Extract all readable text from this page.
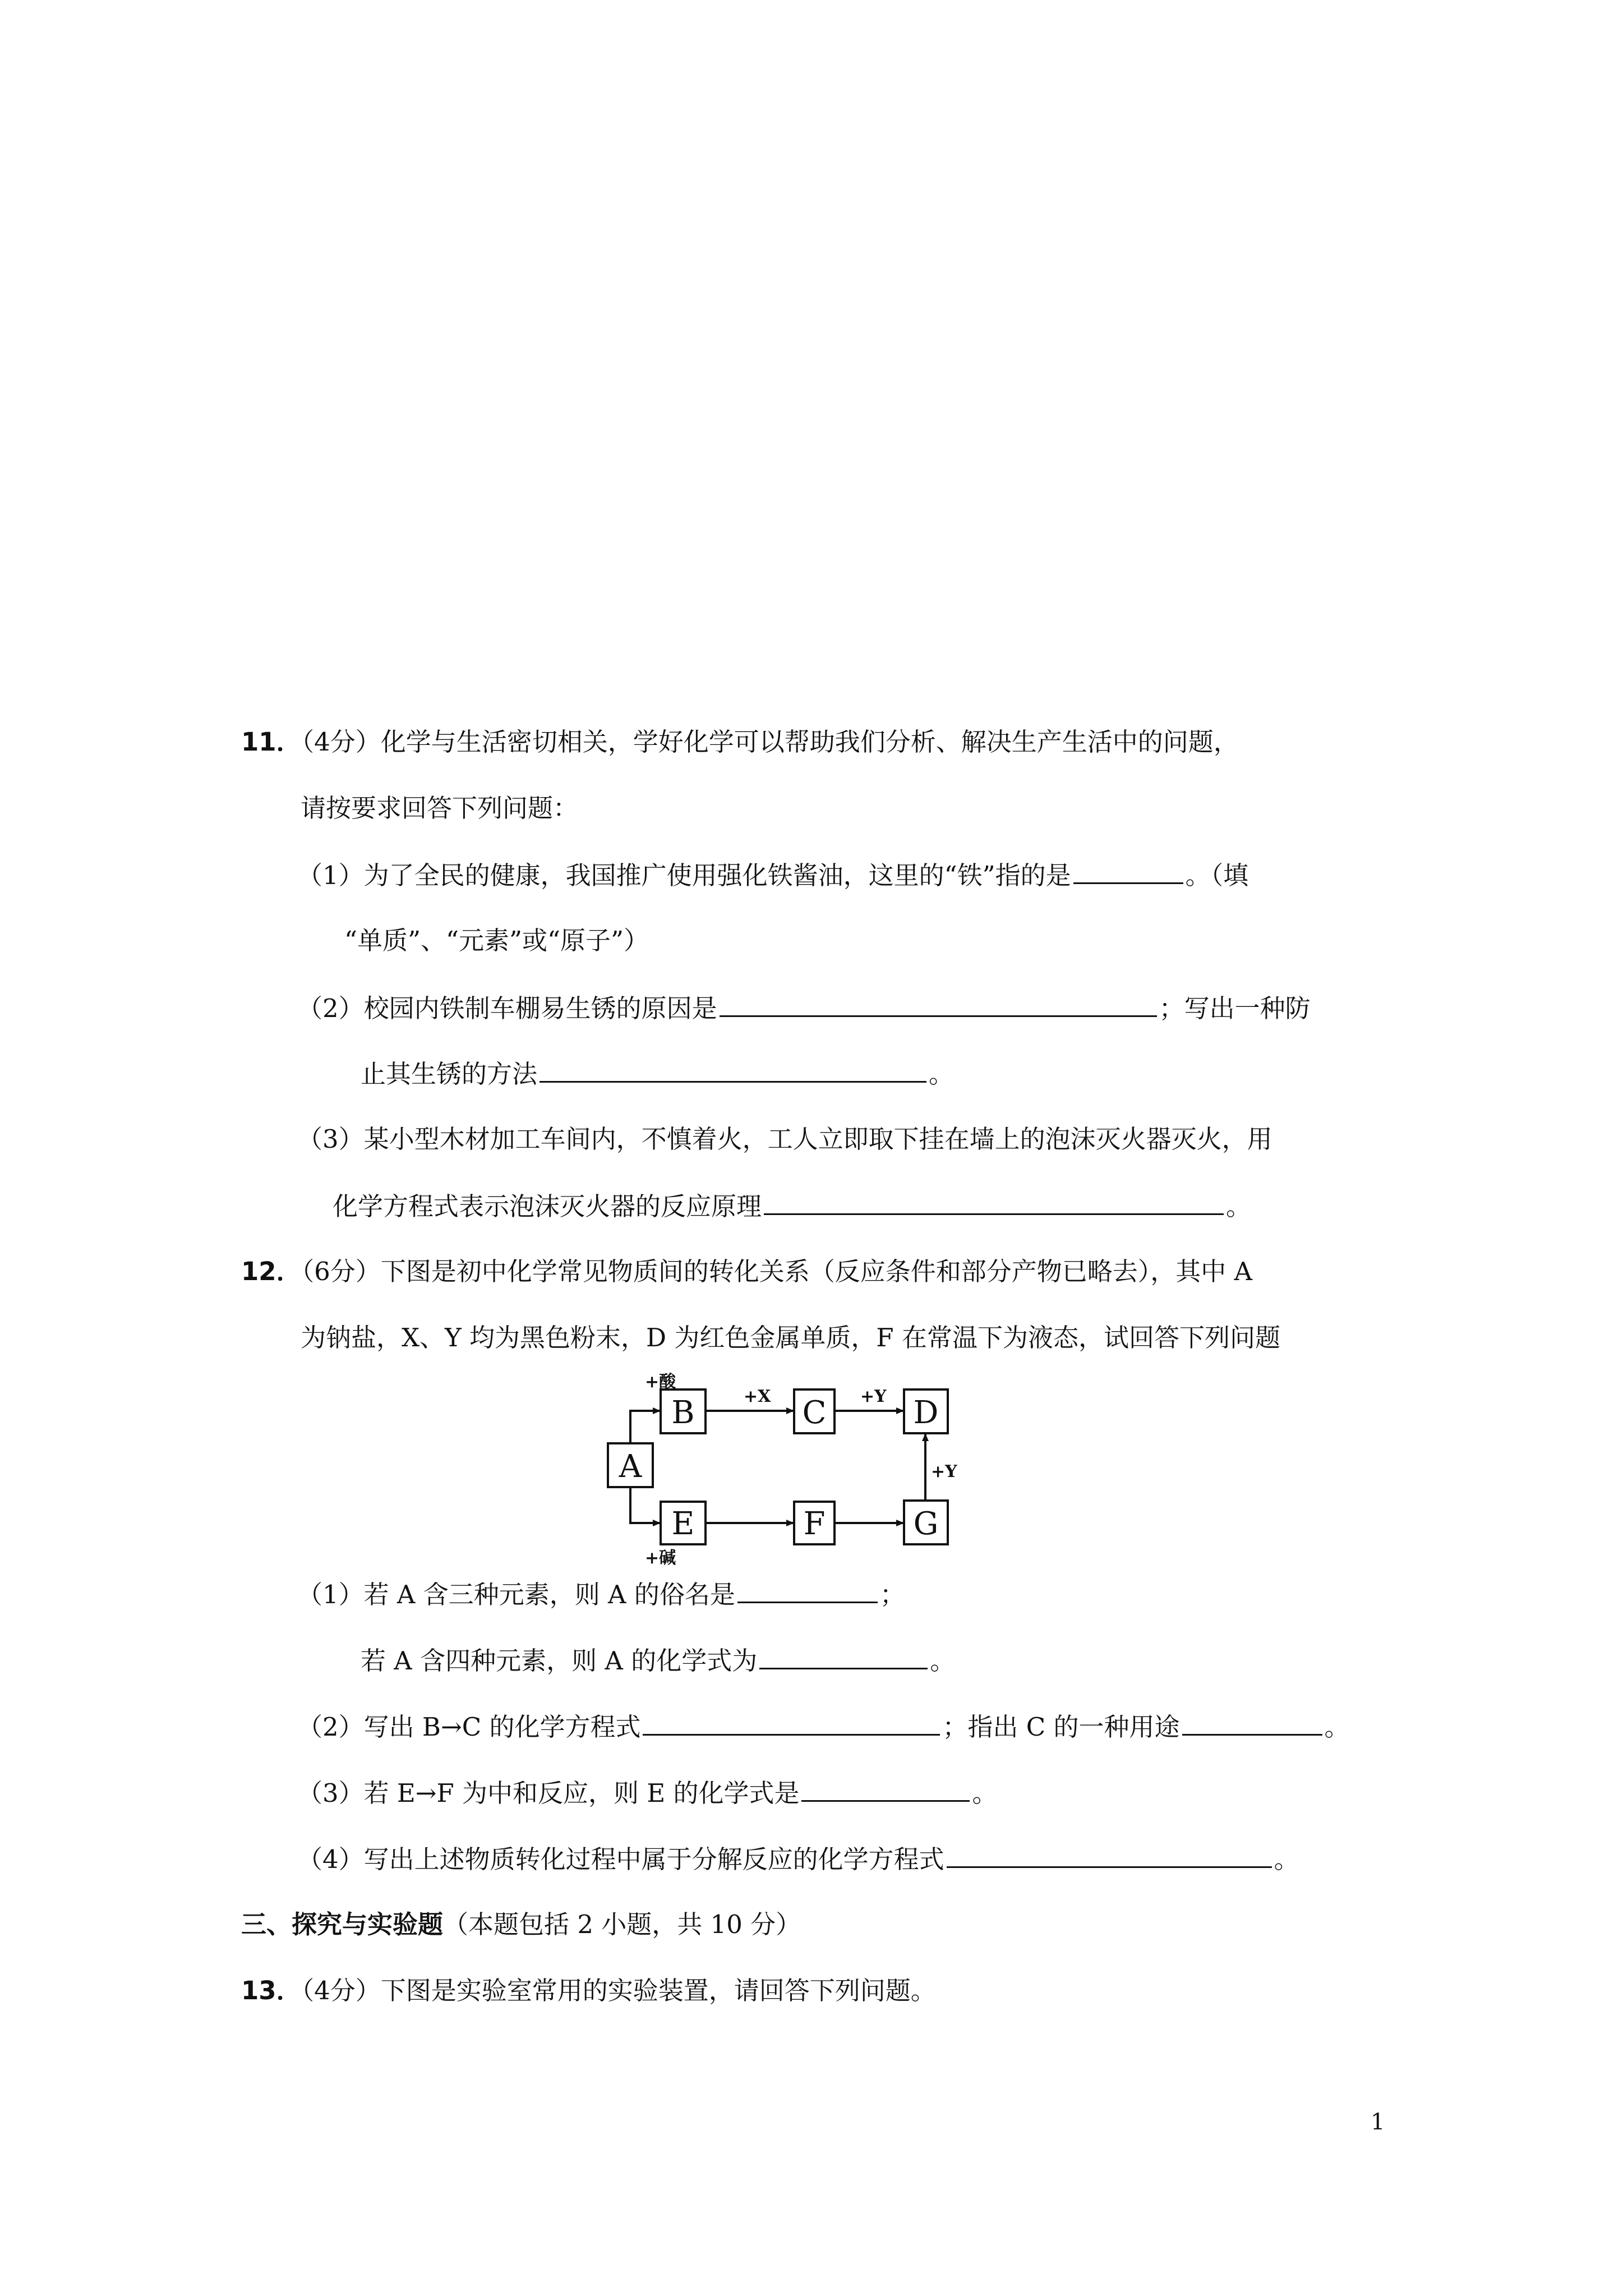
11．（4分）化学与生活密切相关，学好化学可以帮助我们分析、解决生产生活中的问题，
请按要求回答下列问题：
（1）为了全民的健康，我国推广使用强化铁酱油，这里的“铁”指的是	。（填
“单质”、“元素”或“原子”）
（2）校园内铁制车棚易生锈的原因是	；写出一种防
止其生锈的方法	。
（3）某小型木材加工车间内，不慎着火，工人立即取下挂在墙上的泡沫灭火器灭火，用
化学方程式表示泡沫灭火器的反应原理	。
12．（6分）下图是初中化学常见物质间的转化关系（反应条件和部分产物已略去），其中 A
为钠盐，X、Y 均为黑色粉末，D 为红色金属单质，F 在常温下为液态，试回答下列问题
A
B	C	D
E	F	G
+酸
+碱
+X	+Y
+Y
（1）若 A 含三种元素，则 A 的俗名是	；
若 A 含四种元素，则 A 的化学式为	。
（2）写出 B→C 的化学方程式	；指出 C 的一种用途	。
（3）若 E→F 为中和反应，则 E 的化学式是	。
（4）写出上述物质转化过程中属于分解反应的化学方程式	。
三、探究与实验题（本题包括 2 小题，共 10 分）
13．（4分）下图是实验室常用的实验装置，请回答下列问题。
1
